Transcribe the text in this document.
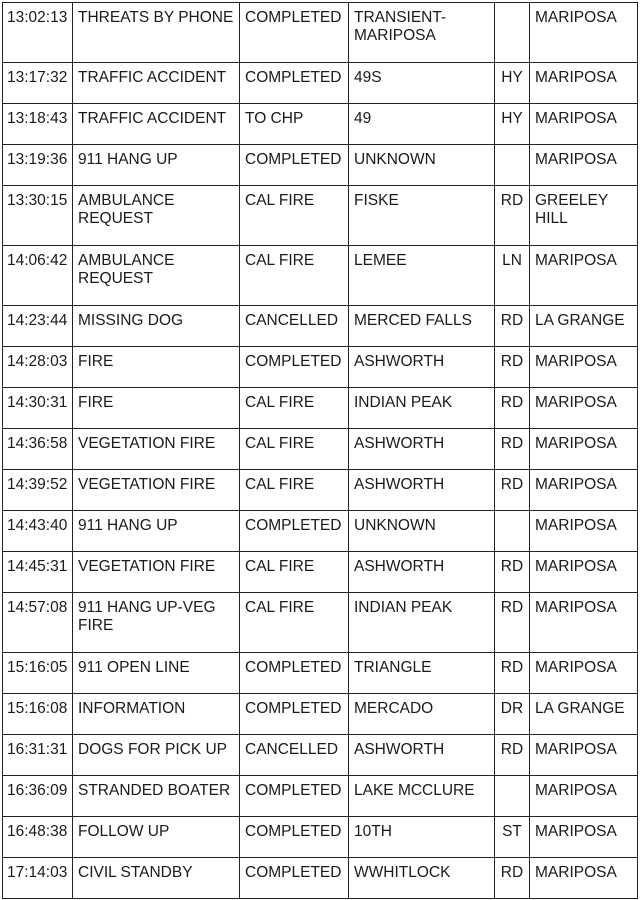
13:02:13	THREATS BY PHONE	COMPLETED	TRANSIENT-MARIPOSA		MARIPOSA
13:17:32	TRAFFIC ACCIDENT	COMPLETED	49S	HY	MARIPOSA
13:18:43	TRAFFIC ACCIDENT	TO CHP	49	HY	MARIPOSA
13:19:36	911 HANG UP	COMPLETED	UNKNOWN		MARIPOSA
13:30:15	AMBULANCE REQUEST	CAL FIRE	FISKE	RD	GREELEY HILL
14:06:42	AMBULANCE REQUEST	CAL FIRE	LEMEE	LN	MARIPOSA
14:23:44	MISSING DOG	CANCELLED	MERCED FALLS	RD	LA GRANGE
14:28:03	FIRE	COMPLETED	ASHWORTH	RD	MARIPOSA
14:30:31	FIRE	CAL FIRE	INDIAN PEAK	RD	MARIPOSA
14:36:58	VEGETATION FIRE	CAL FIRE	ASHWORTH	RD	MARIPOSA
14:39:52	VEGETATION FIRE	CAL FIRE	ASHWORTH	RD	MARIPOSA
14:43:40	911 HANG UP	COMPLETED	UNKNOWN		MARIPOSA
14:45:31	VEGETATION FIRE	CAL FIRE	ASHWORTH	RD	MARIPOSA
14:57:08	911 HANG UP-VEG FIRE	CAL FIRE	INDIAN PEAK	RD	MARIPOSA
15:16:05	911 OPEN LINE	COMPLETED	TRIANGLE	RD	MARIPOSA
15:16:08	INFORMATION	COMPLETED	MERCADO	DR	LA GRANGE
16:31:31	DOGS FOR PICK UP	CANCELLED	ASHWORTH	RD	MARIPOSA
16:36:09	STRANDED BOATER	COMPLETED	LAKE MCCLURE		MARIPOSA
16:48:38	FOLLOW UP	COMPLETED	10TH	ST	MARIPOSA
17:14:03	CIVIL STANDBY	COMPLETED	WWHITLOCK	RD	MARIPOSA
